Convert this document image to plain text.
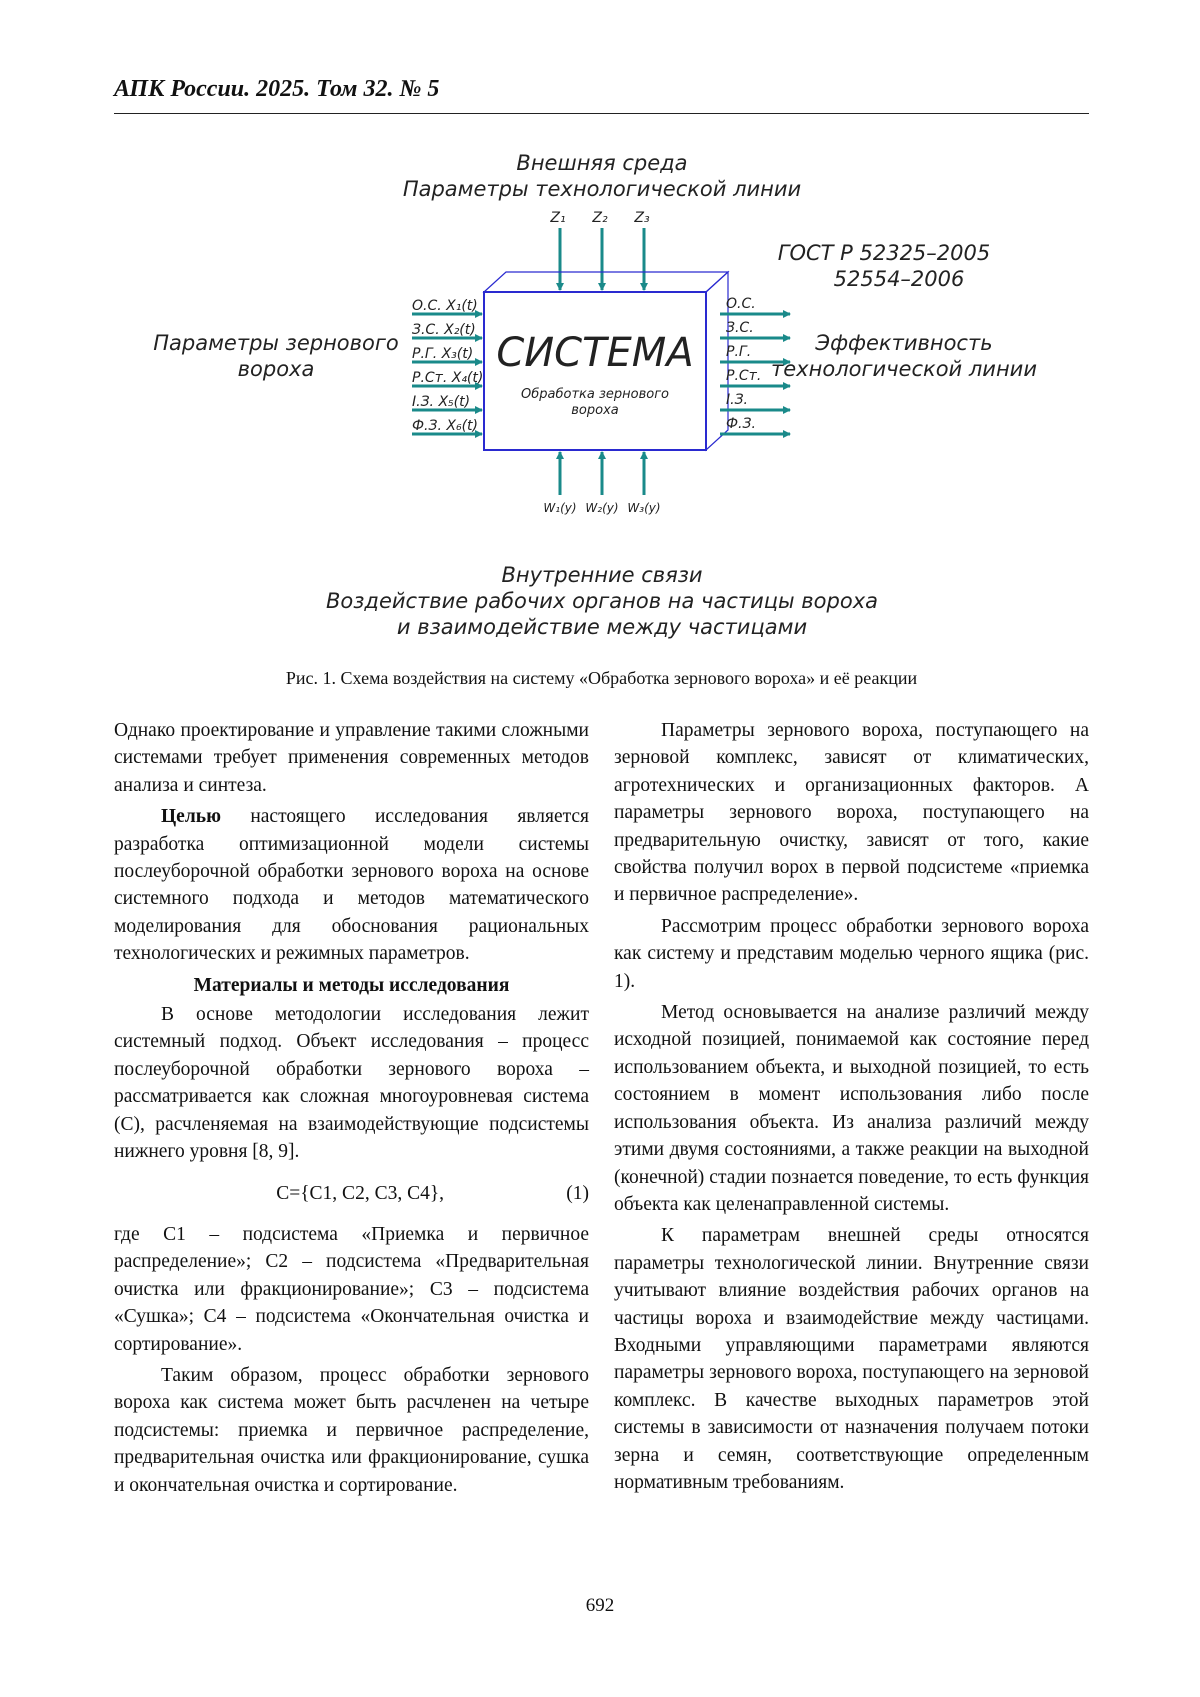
АПК России. 2025. Том 32. № 5
Внешняя среда
Параметры технологической линии
Z₁ Z₂ Z₃
ГОСТ Р 52325–2005
52554–2006
СИСТЕМА
Обработка зернового
вороха
Параметры зернового
вороха
О.С. X₁(t)
З.С. X₂(t)
Р.Г. X₃(t)
Р.Ст. X₄(t)
I.З. X₅(t)
Ф.З. X₆(t)
О.С.
З.С.
Р.Г.
Р.Ст.
I.З.
Ф.З.
Эффективность
технологической линии
W₁(y) W₂(y) W₃(y)
Внутренние связи
Воздействие рабочих органов на частицы вороха
и взаимодействие между частицами
Рис. 1. Схема воздействия на систему «Обработка зернового вороха» и её реакции

Однако проектирование и управление такими сложными системами требует применения современных методов анализа и синтеза.

Целью настоящего исследования является разработка оптимизационной модели системы послеуборочной обработки зернового вороха на основе системного подхода и методов математического моделирования для обоснования рациональных технологических и режимных параметров.

Материалы и методы исследования

В основе методологии исследования лежит системный подход. Объект исследования – процесс послеуборочной обработки зернового вороха – рассматривается как сложная многоуровневая система (С), расчленяемая на взаимодействующие подсистемы нижнего уровня [8, 9].

С={С1, С2, С3, С4},	(1)

где С1 – подсистема «Приемка и первичное распределение»; С2 – подсистема «Предварительная очистка или фракционирование»; С3 – подсистема «Сушка»; С4 – подсистема «Окончательная очистка и сортирование».

Таким образом, процесс обработки зернового вороха как система может быть расчленен на четыре подсистемы: приемка и первичное распределение, предварительная очистка или фракционирование, сушка и окончательная очистка и сортирование.

Параметры зернового вороха, поступающего на зерновой комплекс, зависят от климатических, агротехнических и организационных факторов. А параметры зернового вороха, поступающего на предварительную очистку, зависят от того, какие свойства получил ворох в первой подсистеме «приемка и первичное распределение».

Рассмотрим процесс обработки зернового вороха как систему и представим моделью черного ящика (рис. 1).

Метод основывается на анализе различий между исходной позицией, понимаемой как состояние перед использованием объекта, и выходной позицией, то есть состоянием в момент использования либо после использования объекта. Из анализа различий между этими двумя состояниями, а также реакции на выходной (конечной) стадии познается поведение, то есть функция объекта как целенаправленной системы.

К параметрам внешней среды относятся параметры технологической линии. Внутренние связи учитывают влияние воздействия рабочих органов на частицы вороха и взаимодействие между частицами. Входными управляющими параметрами являются параметры зернового вороха, поступающего на зерновой комплекс. В качестве выходных параметров этой системы в зависимости от назначения получаем потоки зерна и семян, соответствующие определенным нормативным требованиям.

692
